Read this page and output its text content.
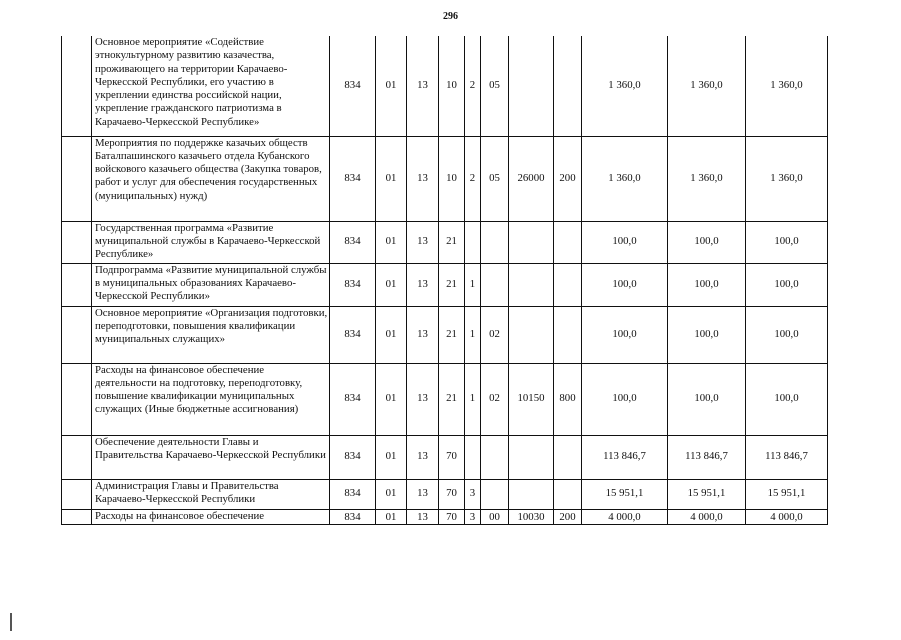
296
	Основное мероприятие «Содействие этнокультурному развитию казачества, проживающего на территории Карачаево-Черкесской Республики, его участию в укреплении единства российской нации, укрепление гражданского патриотизма в Карачаево-Черкесской Республике»	834	01	13	10	2	05			1 360,0	1 360,0	1 360,0
	Мероприятия по поддержке казачьих обществ Баталпашинского казачьего отдела Кубанского войскового казачьего общества (Закупка товаров, работ и услуг для обеспечения государственных (муниципальных) нужд)	834	01	13	10	2	05	26000	200	1 360,0	1 360,0	1 360,0
	Государственная программа «Развитие муниципальной службы в Карачаево-Черкесской Республике»	834	01	13	21					100,0	100,0	100,0
	Подпрограмма «Развитие муниципальной службы в муниципальных образованиях Карачаево-Черкесской Республики»	834	01	13	21	1				100,0	100,0	100,0
	Основное мероприятие «Организация подготовки, переподготовки, повышения квалификации муниципальных служащих»	834	01	13	21	1	02			100,0	100,0	100,0
	Расходы на финансовое обеспечение деятельности на подготовку, переподготовку, повышение квалификации муниципальных служащих (Иные бюджетные ассигнования)	834	01	13	21	1	02	10150	800	100,0	100,0	100,0
	Обеспечение деятельности Главы и Правительства Карачаево-Черкесской Республики	834	01	13	70					113 846,7	113 846,7	113 846,7
	Администрация Главы и Правительства Карачаево-Черкесской Республики	834	01	13	70	3				15 951,1	15 951,1	15 951,1
	Расходы на финансовое обеспечение	834	01	13	70	3	00	10030	200	4 000,0	4 000,0	4 000,0
